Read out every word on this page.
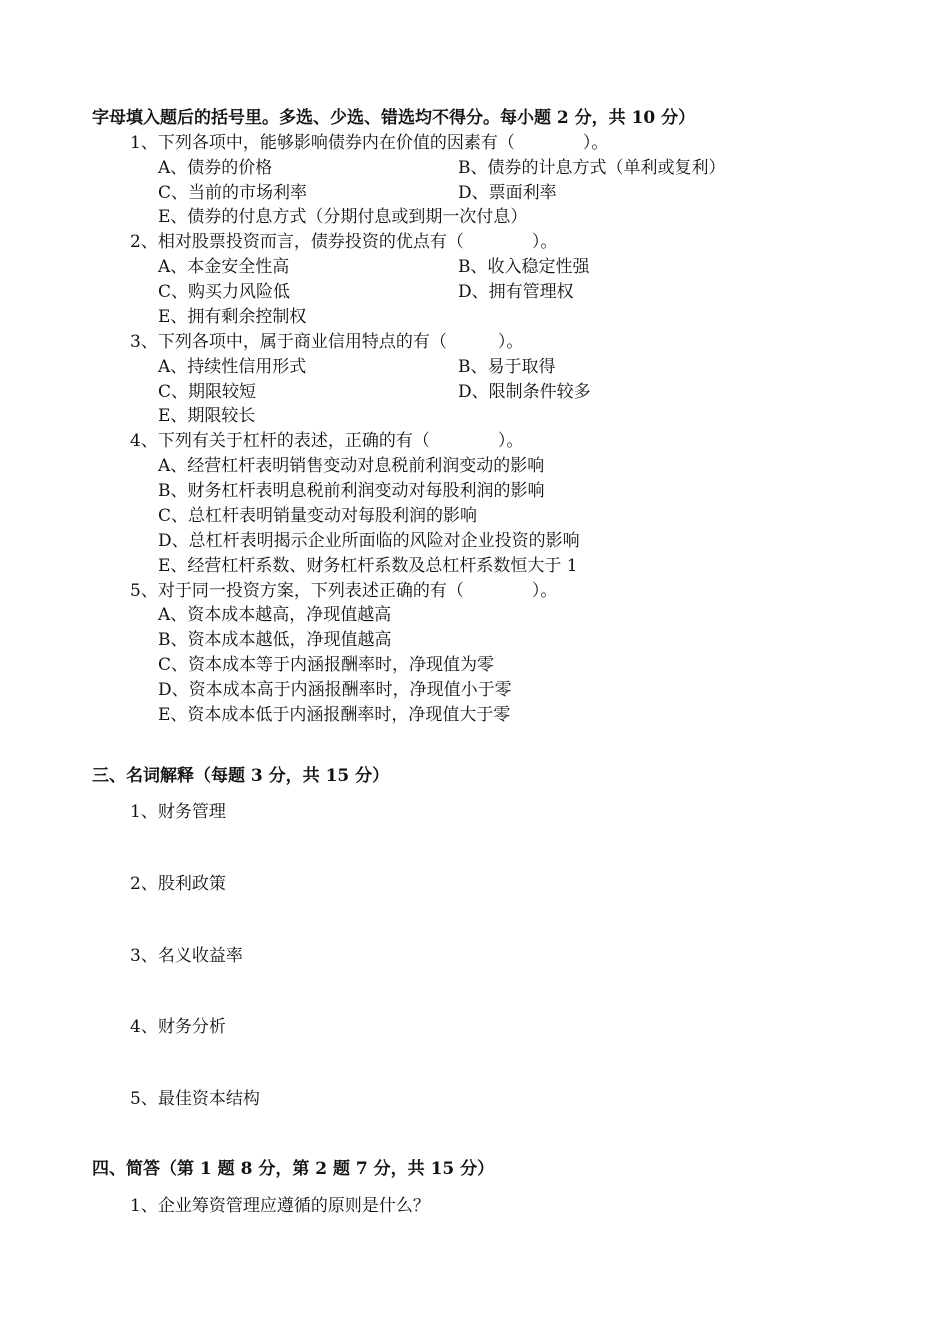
字母填入题后的括号里。多选、少选、错选均不得分。每小题 2 分，共 10 分）
1、下列各项中，能够影响债券内在价值的因素有（　　　　）。
A、债券的价格	B、债券的计息方式（单利或复利）
C、当前的市场利率	D、票面利率
E、债券的付息方式（分期付息或到期一次付息）
2、相对股票投资而言，债券投资的优点有（　　　　）。
A、本金安全性高	B、收入稳定性强
C、购买力风险低	D、拥有管理权
E、拥有剩余控制权
3、下列各项中，属于商业信用特点的有（　　　）。
A、持续性信用形式	B、易于取得
C、期限较短	D、限制条件较多
E、期限较长
4、下列有关于杠杆的表述，正确的有（　　　　）。
A、经营杠杆表明销售变动对息税前利润变动的影响
B、财务杠杆表明息税前利润变动对每股利润的影响
C、总杠杆表明销量变动对每股利润的影响
D、总杠杆表明揭示企业所面临的风险对企业投资的影响
E、经营杠杆系数、财务杠杆系数及总杠杆系数恒大于 1
5、对于同一投资方案，下列表述正确的有（　　　　）。
A、资本成本越高，净现值越高
B、资本成本越低，净现值越高
C、资本成本等于内涵报酬率时，净现值为零
D、资本成本高于内涵报酬率时，净现值小于零
E、资本成本低于内涵报酬率时，净现值大于零
三、名词解释（每题 3 分，共 15 分）
1、财务管理
2、股利政策
3、名义收益率
4、财务分析
5、最佳资本结构
四、简答（第 1 题 8 分，第 2 题 7 分，共 15 分）
1、企业筹资管理应遵循的原则是什么？
